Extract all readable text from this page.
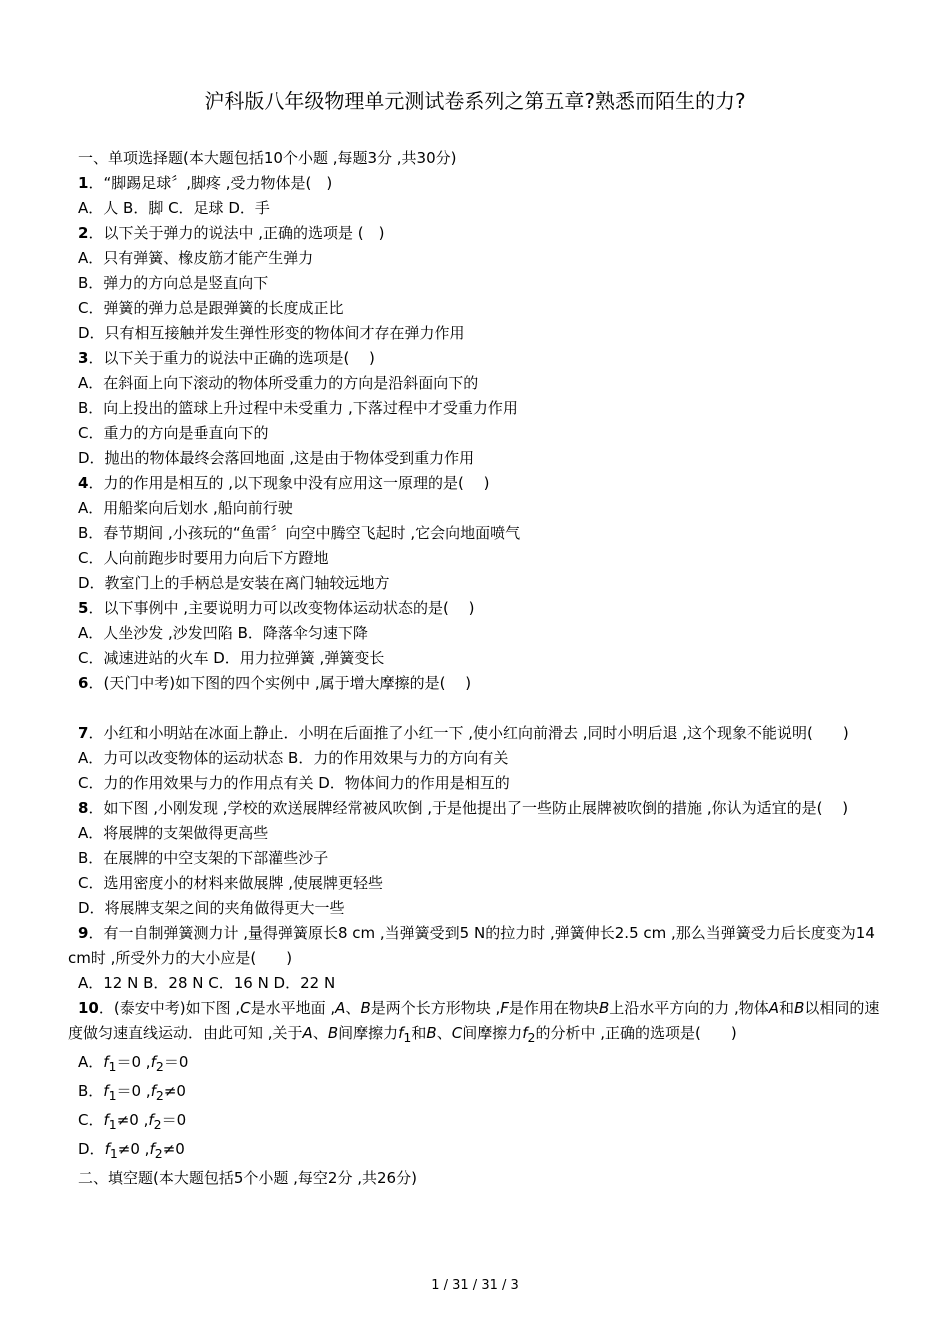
沪科版八年级物理单元测试卷系列之第五章?熟悉而陌生的力?
一、单项选择题(本大题包括10个小题 ,每题3分 ,共30分)
1．“脚踢足球〞,脚疼 ,受力物体是(　)
A．人 B．脚 C．足球 D．手
2．以下关于弹力的说法中 ,正确的选项是 (　)
A．只有弹簧、橡皮筋才能产生弹力
B．弹力的方向总是竖直向下
C．弹簧的弹力总是跟弹簧的长度成正比
D．只有相互接触并发生弹性形变的物体间才存在弹力作用
3．以下关于重力的说法中正确的选项是(　 )
A．在斜面上向下滚动的物体所受重力的方向是沿斜面向下的
B．向上投出的篮球上升过程中未受重力 ,下落过程中才受重力作用
C．重力的方向是垂直向下的
D．抛出的物体最终会落回地面 ,这是由于物体受到重力作用
4．力的作用是相互的 ,以下现象中没有应用这一原理的是(　 )
A．用船桨向后划水 ,船向前行驶
B．春节期间 ,小孩玩的“鱼雷〞向空中腾空飞起时 ,它会向地面喷气
C．人向前跑步时要用力向后下方蹬地
D．教室门上的手柄总是安装在离门轴较远地方
5．以下事例中 ,主要说明力可以改变物体运动状态的是(　 )
A．人坐沙发 ,沙发凹陷 B．降落伞匀速下降
C．减速进站的火车 D．用力拉弹簧 ,弹簧变长
6．(天门中考)如下图的四个实例中 ,属于增大摩擦的是(　 )
7．小红和小明站在冰面上静止．小明在后面推了小红一下 ,使小红向前滑去 ,同时小明后退 ,这个现象不能说明(　　)
A．力可以改变物体的运动状态 B．力的作用效果与力的方向有关
C．力的作用效果与力的作用点有关 D．物体间力的作用是相互的
8．如下图 ,小刚发现 ,学校的欢送展牌经常被风吹倒 ,于是他提出了一些防止展牌被吹倒的措施 ,你认为适宜的是(　 )
A．将展牌的支架做得更高些
B．在展牌的中空支架的下部灌些沙子
C．选用密度小的材料来做展牌 ,使展牌更轻些
D．将展牌支架之间的夹角做得更大一些
9．有一自制弹簧测力计 ,量得弹簧原长8 cm ,当弹簧受到5 N的拉力时 ,弹簧伸长2.5 cm ,那么当弹簧受力后长度变为14 cm时 ,所受外力的大小应是(　　)
A．12 N B．28 N C．16 N D．22 N
10．(泰安中考)如下图 ,C是水平地面 ,A、B是两个长方形物块 ,F是作用在物块B上沿水平方向的力 ,物体A和B以相同的速度做匀速直线运动．由此可知 ,关于A、B间摩擦力$f_1$和B、C间摩擦力$f_2$的分析中 ,正确的选项是(　　)
A．$f_1=0$ $,f_2=0$
B．$f_1=0$ $,f_2\ne 0$
C．$f_1\ne 0$ $,f_2=0$
D．$f_1\ne 0$ $,f_2\ne 0$
二、填空题(本大题包括5个小题 ,每空2分 ,共26分)
1 / 31 / 31 / 3
